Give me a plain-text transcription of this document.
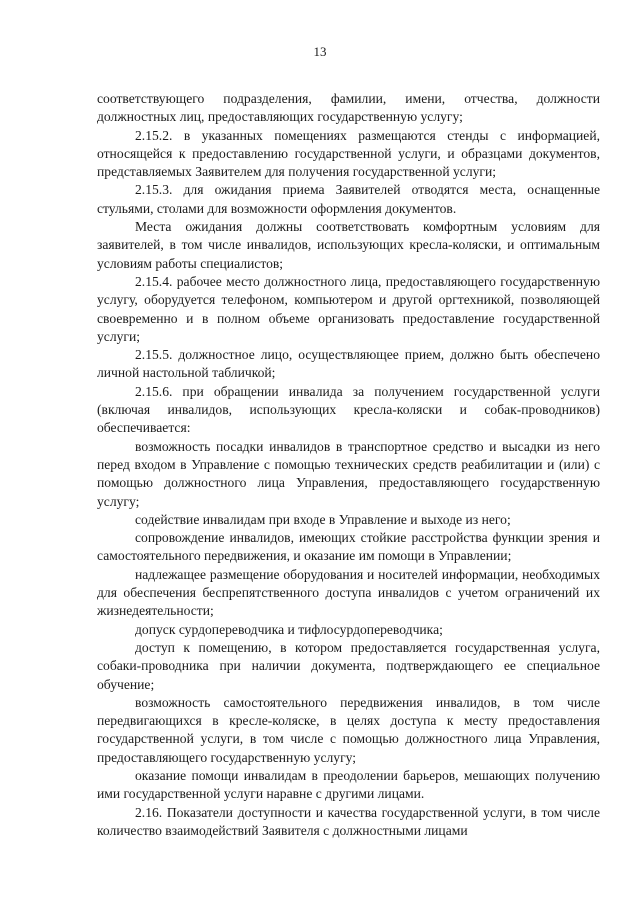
13

соответствующего подразделения, фамилии, имени, отчества, должности должностных лиц, предоставляющих государственную услугу;

2.15.2. в указанных помещениях размещаются стенды с информацией, относящейся к предоставлению государственной услуги, и образцами документов, представляемых Заявителем для получения государственной услуги;

2.15.3. для ожидания приема Заявителей отводятся места, оснащенные стульями, столами для возможности оформления документов.

Места ожидания должны соответствовать комфортным условиям для заявителей, в том числе инвалидов, использующих кресла-коляски, и оптимальным условиям работы специалистов;

2.15.4. рабочее место должностного лица, предоставляющего государственную услугу, оборудуется телефоном, компьютером и другой оргтехникой, позволяющей своевременно и в полном объеме организовать предоставление государственной услуги;

2.15.5. должностное лицо, осуществляющее прием, должно быть обеспечено личной настольной табличкой;

2.15.6. при обращении инвалида за получением государственной услуги (включая инвалидов, использующих кресла-коляски и собак-проводников) обеспечивается:

возможность посадки инвалидов в транспортное средство и высадки из него перед входом в Управление с помощью технических средств реабилитации и (или) с помощью должностного лица Управления, предоставляющего государственную услугу;

содействие инвалидам при входе в Управление и выходе из него;

сопровождение инвалидов, имеющих стойкие расстройства функции зрения и самостоятельного передвижения, и оказание им помощи в Управлении;

надлежащее размещение оборудования и носителей информации, необходимых для обеспечения беспрепятственного доступа инвалидов с учетом ограничений их жизнедеятельности;

допуск сурдопереводчика и тифлосурдопереводчика;

доступ к помещению, в котором предоставляется государственная услуга, собаки-проводника при наличии документа, подтверждающего ее специальное обучение;

возможность самостоятельного передвижения инвалидов, в том числе передвигающихся в кресле-коляске, в целях доступа к месту предоставления государственной услуги, в том числе с помощью должностного лица Управления, предоставляющего государственную услугу;

оказание помощи инвалидам в преодолении барьеров, мешающих получению ими государственной услуги наравне с другими лицами.

2.16. Показатели доступности и качества государственной услуги, в том числе количество взаимодействий Заявителя с должностными лицами
